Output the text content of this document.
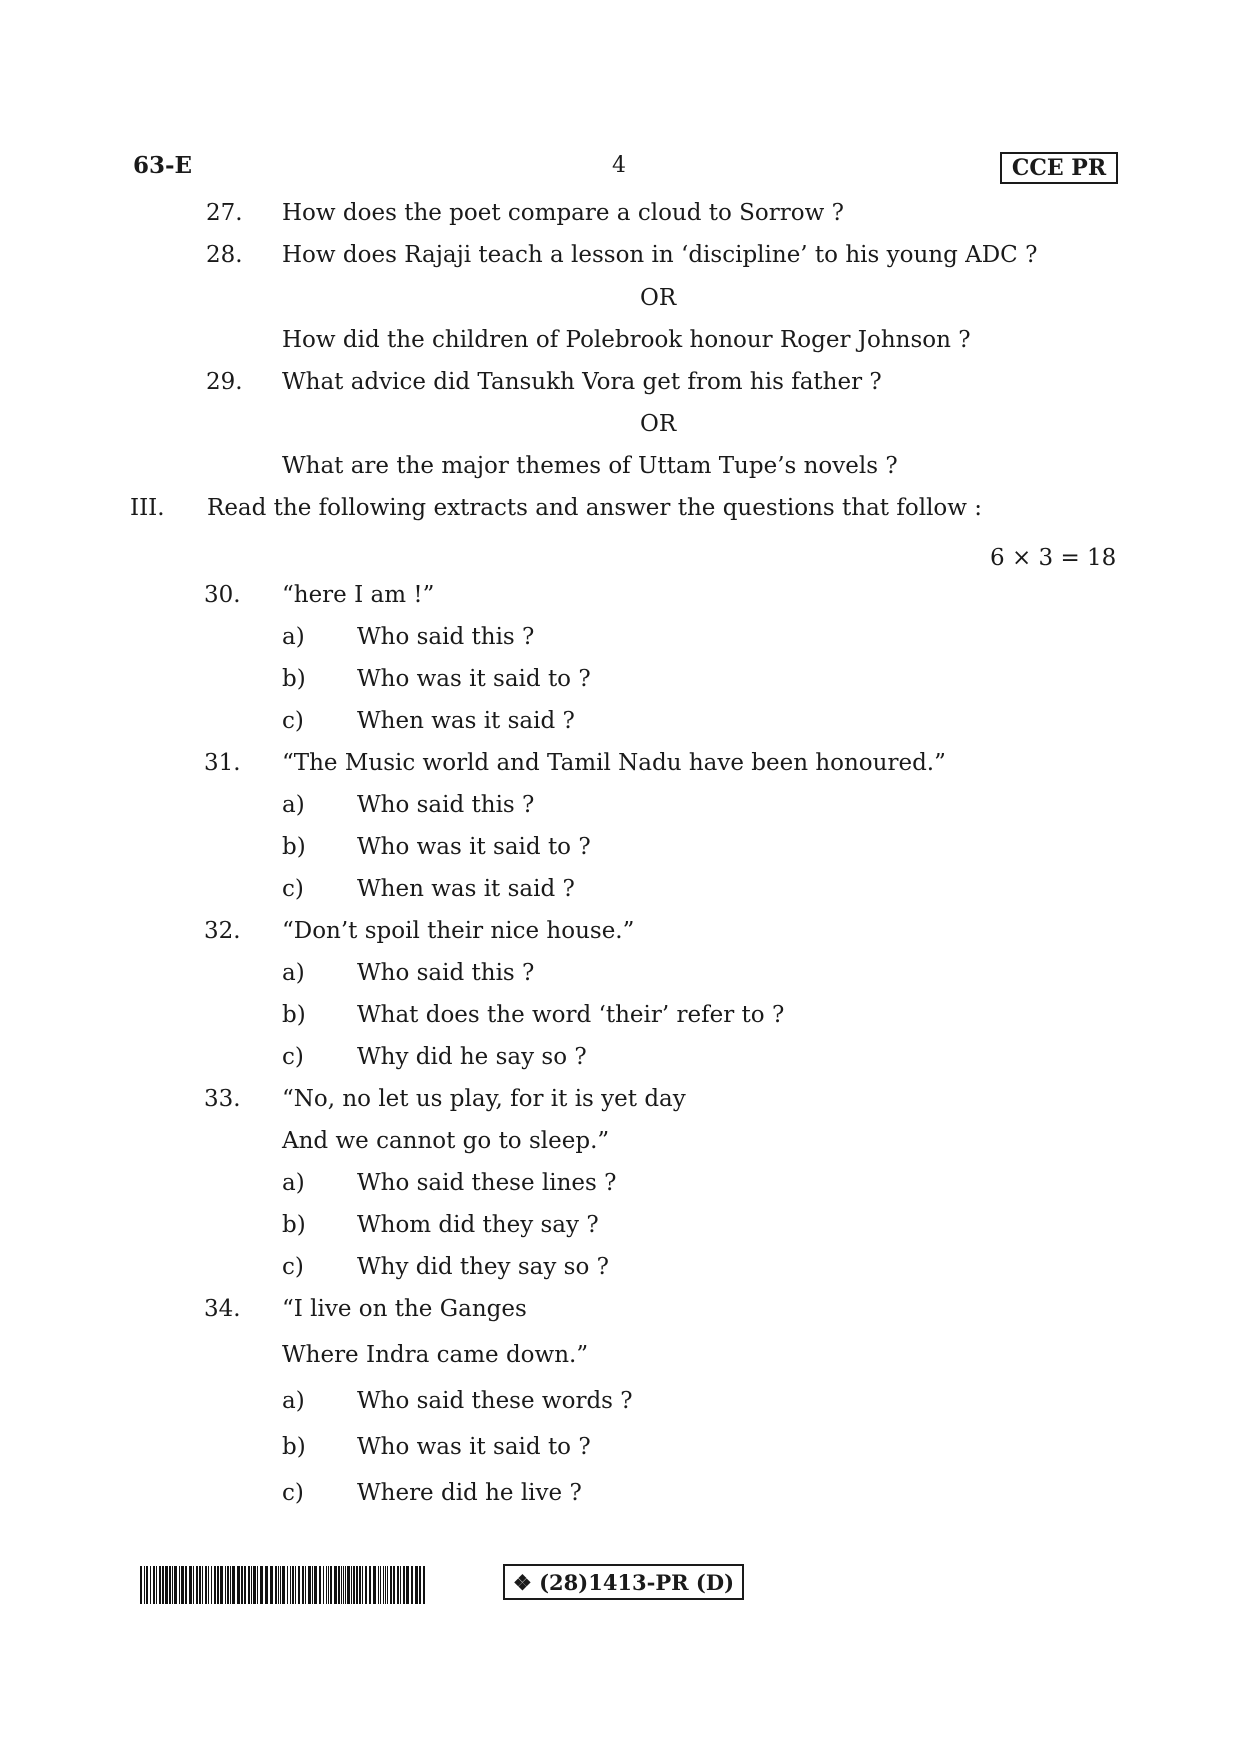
63-E	4	CCE PR
27. How does the poet compare a cloud to Sorrow ?
28. How does Rajaji teach a lesson in ‘discipline’ to his young ADC ?
OR
How did the children of Polebrook honour Roger Johnson ?
29. What advice did Tansukh Vora get from his father ?
OR
What are the major themes of Uttam Tupe’s novels ?
III. Read the following extracts and answer the questions that follow :
6 × 3 = 18
30. “here I am !”
a) Who said this ?
b) Who was it said to ?
c) When was it said ?
31. “The Music world and Tamil Nadu have been honoured.”
a) Who said this ?
b) Who was it said to ?
c) When was it said ?
32. “Don’t spoil their nice house.”
a) Who said this ?
b) What does the word ‘their’ refer to ?
c) Why did he say so ?
33. “No, no let us play, for it is yet day
And we cannot go to sleep.”
a) Who said these lines ?
b) Whom did they say ?
c) Why did they say so ?
34. “I live on the Ganges
Where Indra came down.”
a) Who said these words ?
b) Who was it said to ?
c) Where did he live ?
❖ (28)1413-PR (D)
